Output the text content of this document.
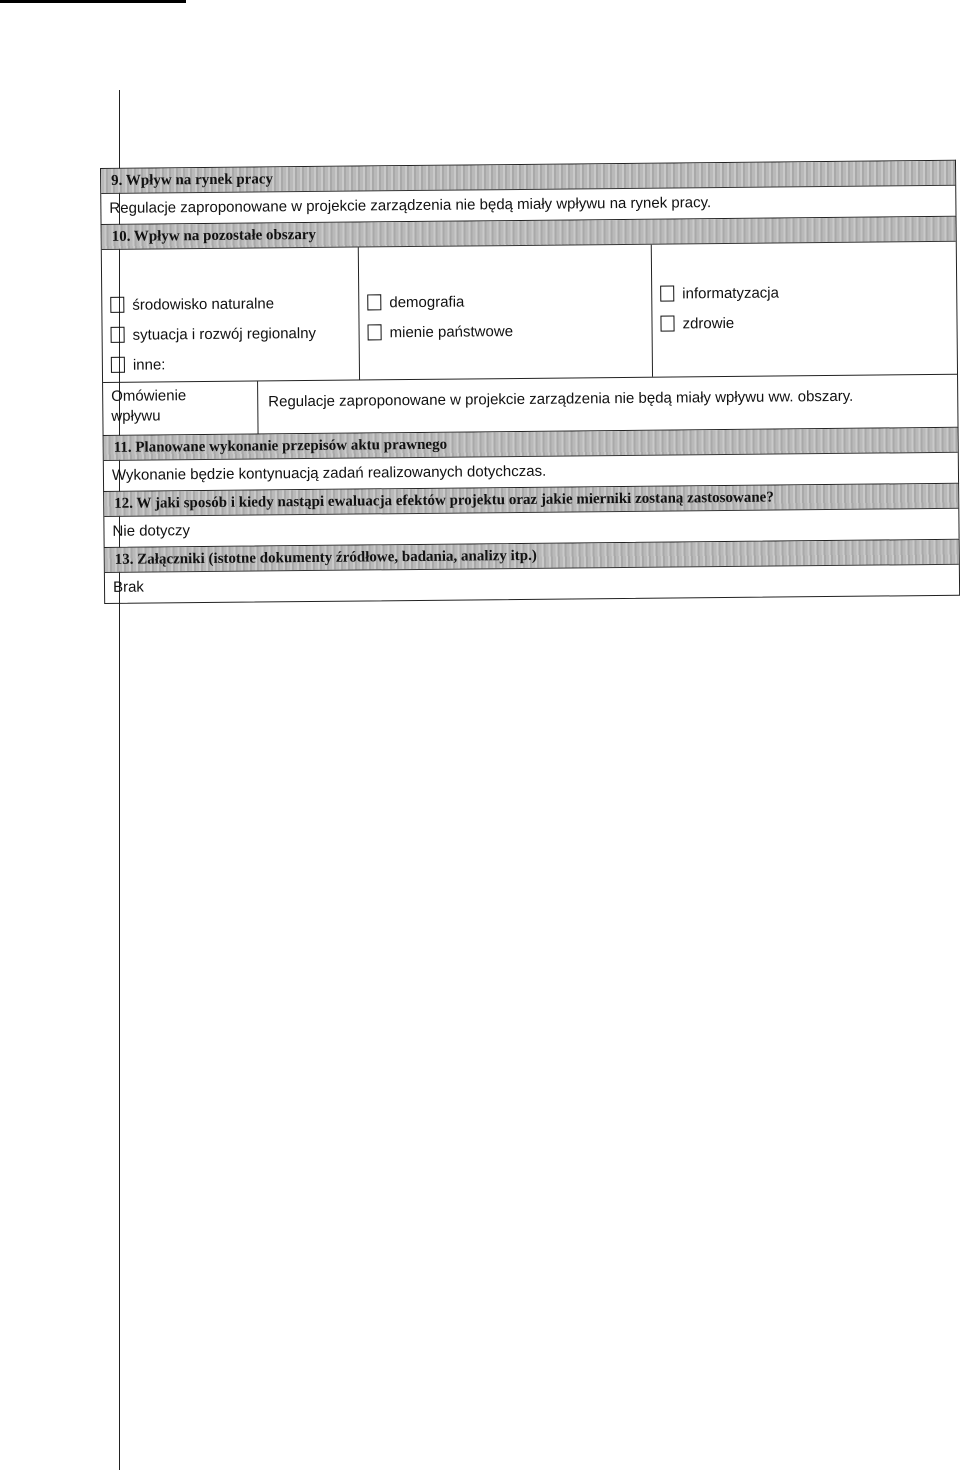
9. Wpływ na rynek pracy
Regulacje zaproponowane w projekcie zarządzenia nie będą miały wpływu na rynek pracy.
10. Wpływ na pozostałe obszary
środowisko naturalne
sytuacja i rozwój regionalny
inne:
demografia
mienie państwowe
informatyzacja
zdrowie
Omówienie
wpływu
Regulacje zaproponowane w projekcie zarządzenia nie będą miały wpływu ww. obszary.
11. Planowane wykonanie przepisów aktu prawnego
Wykonanie będzie kontynuacją zadań realizowanych dotychczas.
12. W jaki sposób i kiedy nastąpi ewaluacja efektów projektu oraz jakie mierniki zostaną zastosowane?
Nie dotyczy
13. Załączniki (istotne dokumenty źródłowe, badania, analizy itp.)
Brak
